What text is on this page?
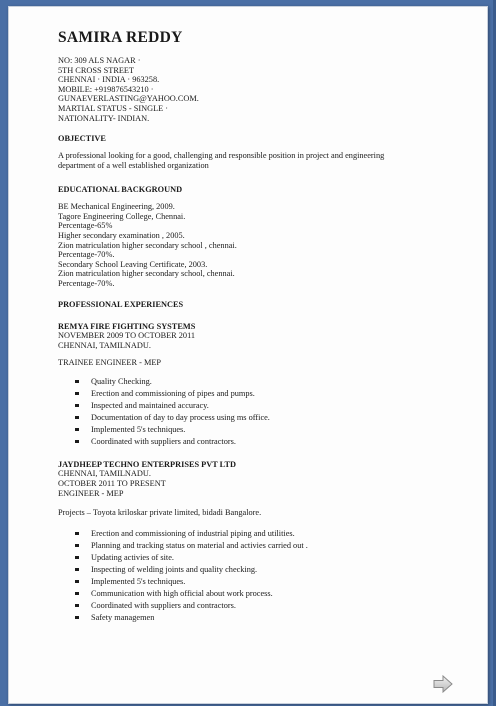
SAMIRA REDDY
NO: 309 ALS NAGAR ·
5TH CROSS STREET
CHENNAI · INDIA · 963258.
MOBILE: +919876543210 ·
GUNAEVERLASTING@YAHOO.COM.
MARTIAL STATUS - SINGLE ·
NATIONALITY- INDIAN.
OBJECTIVE
A professional looking for a good, challenging and responsible position in project and engineering department of a well established organization
EDUCATIONAL BACKGROUND
BE Mechanical Engineering, 2009.
Tagore Engineering College, Chennai.
Percentage-65%
Higher secondary examination , 2005.
Zion matriculation higher secondary school , chennai.
Percentage-70%.
Secondary School Leaving Certificate, 2003.
Zion matriculation higher secondary school, chennai.
Percentage-70%.
PROFESSIONAL EXPERIENCES
REMYA FIRE FIGHTING SYSTEMS
NOVEMBER 2009 TO OCTOBER 2011
CHENNAI, TAMILNADU.
TRAINEE ENGINEER - MEP
Quality Checking.
Erection and commissioning of pipes and pumps.
Inspected and maintained accuracy.
Documentation of day to day process using ms office.
Implemented 5's techniques.
Coordinated with suppliers and contractors.
JAYDHEEP TECHNO ENTERPRISES PVT LTD
CHENNAI, TAMILNADU.
OCTOBER 2011 TO PRESENT
ENGINEER - MEP
Projects – Toyota kriloskar private limited, bidadi Bangalore.
Erection and commissioning of industrial piping and utilities.
Planning and tracking status on material and activies carried out .
Updating activies of site.
Inspecting of welding joints and quality checking.
Implemented 5's techniques.
Communication with high official about work process.
Coordinated with suppliers and contractors.
Safety managemen
